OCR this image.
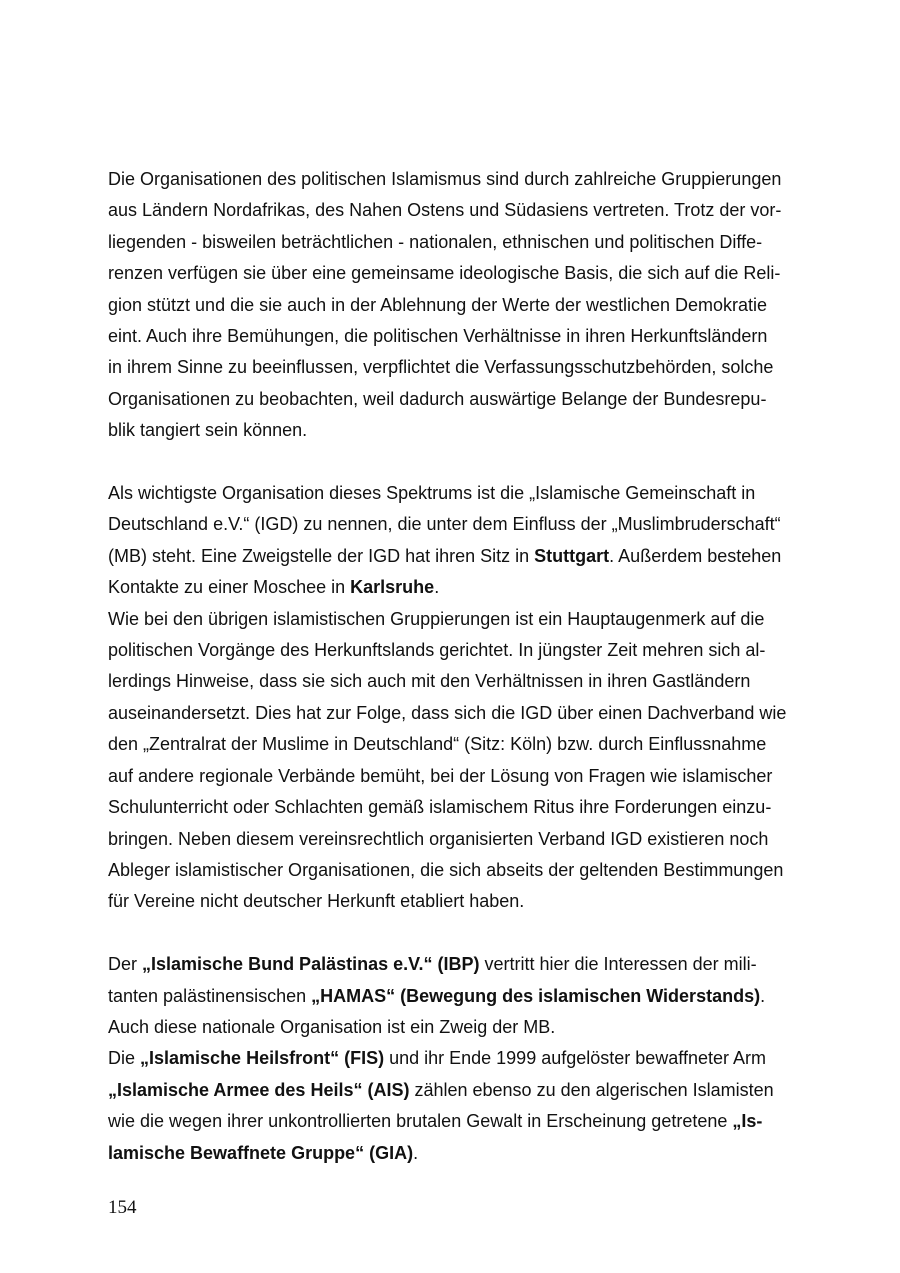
Die Organisationen des politischen Islamismus sind durch zahlreiche Gruppierungen
aus Ländern Nordafrikas, des Nahen Ostens und Südasiens vertreten. Trotz der vor-
liegenden - bisweilen beträchtlichen - nationalen, ethnischen und politischen Diffe-
renzen verfügen sie über eine gemeinsame ideologische Basis, die sich auf die Reli-
gion stützt und die sie auch in der Ablehnung der Werte der westlichen Demokratie
eint. Auch ihre Bemühungen, die politischen Verhältnisse in ihren Herkunftsländern
in ihrem Sinne zu beeinflussen, verpflichtet die Verfassungsschutzbehörden, solche
Organisationen zu beobachten, weil dadurch auswärtige Belange der Bundesrepu-
blik tangiert sein können.
Als wichtigste Organisation dieses Spektrums ist die „Islamische Gemeinschaft in
Deutschland e.V.“ (IGD) zu nennen, die unter dem Einfluss der „Muslimbruderschaft“
(MB) steht. Eine Zweigstelle der IGD hat ihren Sitz in Stuttgart. Außerdem bestehen
Kontakte zu einer Moschee in Karlsruhe.
Wie bei den übrigen islamistischen Gruppierungen ist ein Hauptaugenmerk auf die
politischen Vorgänge des Herkunftslands gerichtet. In jüngster Zeit mehren sich al-
lerdings Hinweise, dass sie sich auch mit den Verhältnissen in ihren Gastländern
auseinandersetzt. Dies hat zur Folge, dass sich die IGD über einen Dachverband wie
den „Zentralrat der Muslime in Deutschland“ (Sitz: Köln) bzw. durch Einflussnahme
auf andere regionale Verbände bemüht, bei der Lösung von Fragen wie islamischer
Schulunterricht oder Schlachten gemäß islamischem Ritus ihre Forderungen einzu-
bringen. Neben diesem vereinsrechtlich organisierten Verband IGD existieren noch
Ableger islamistischer Organisationen, die sich abseits der geltenden Bestimmungen
für Vereine nicht deutscher Herkunft etabliert haben.
Der „Islamische Bund Palästinas e.V.“ (IBP) vertritt hier die Interessen der mili-
tanten palästinensischen „HAMAS“ (Bewegung des islamischen Widerstands).
Auch diese nationale Organisation ist ein Zweig der MB.
Die „Islamische Heilsfront“ (FIS) und ihr Ende 1999 aufgelöster bewaffneter Arm
„Islamische Armee des Heils“ (AIS) zählen ebenso zu den algerischen Islamisten
wie die wegen ihrer unkontrollierten brutalen Gewalt in Erscheinung getretene „Is-
lamische Bewaffnete Gruppe“ (GIA).
154
